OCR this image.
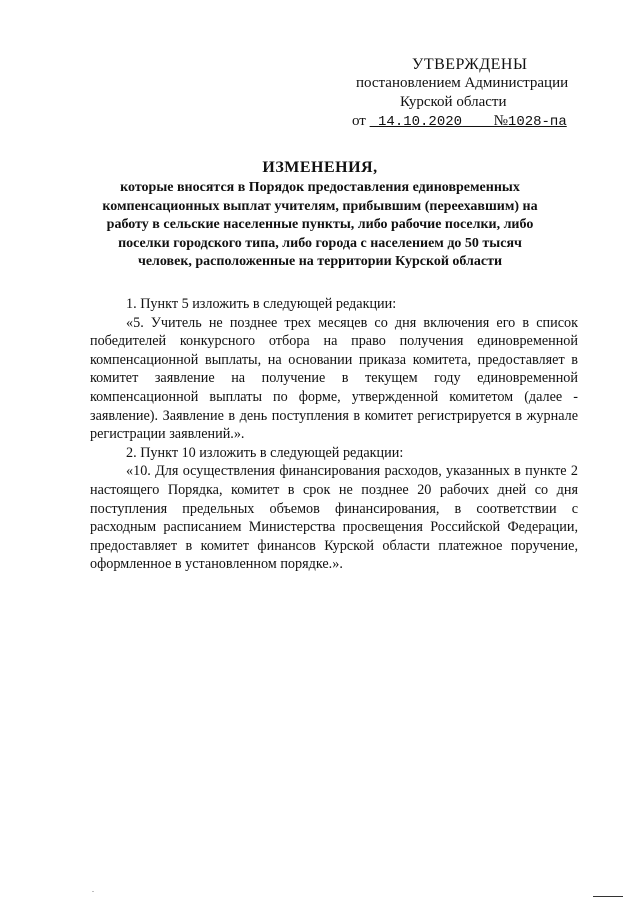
УТВЕРЖДЕНЫ
постановлением Администрации
Курской области
от 14.10.2020 №1028-па
ИЗМЕНЕНИЯ,
которые вносятся в Порядок предоставления единовременных
компенсационных выплат учителям, прибывшим (переехавшим) на
работу в сельские населенные пункты, либо рабочие поселки, либо
поселки городского типа, либо города с населением до 50 тысяч
человек, расположенные на территории Курской области

1. Пункт 5 изложить в следующей редакции:

«5. Учитель не позднее трех месяцев со дня включения его в список победителей конкурсного отбора на право получения единовременной компенсационной выплаты, на основании приказа комитета, предоставляет в комитет заявление на получение в текущем году единовременной компенсационной выплаты по форме, утвержденной комитетом (далее - заявление). Заявление в день поступления в комитет регистрируется в журнале регистрации заявлений.».

2. Пункт 10 изложить в следующей редакции:

«10. Для осуществления финансирования расходов, указанных в пункте 2 настоящего Порядка, комитет в срок не позднее 20 рабочих дней со дня поступления предельных объемов финансирования, в соответствии с расходным расписанием Министерства просвещения Российской Федерации, предоставляет в комитет финансов Курской области платежное поручение, оформленное в установленном порядке.».

.
